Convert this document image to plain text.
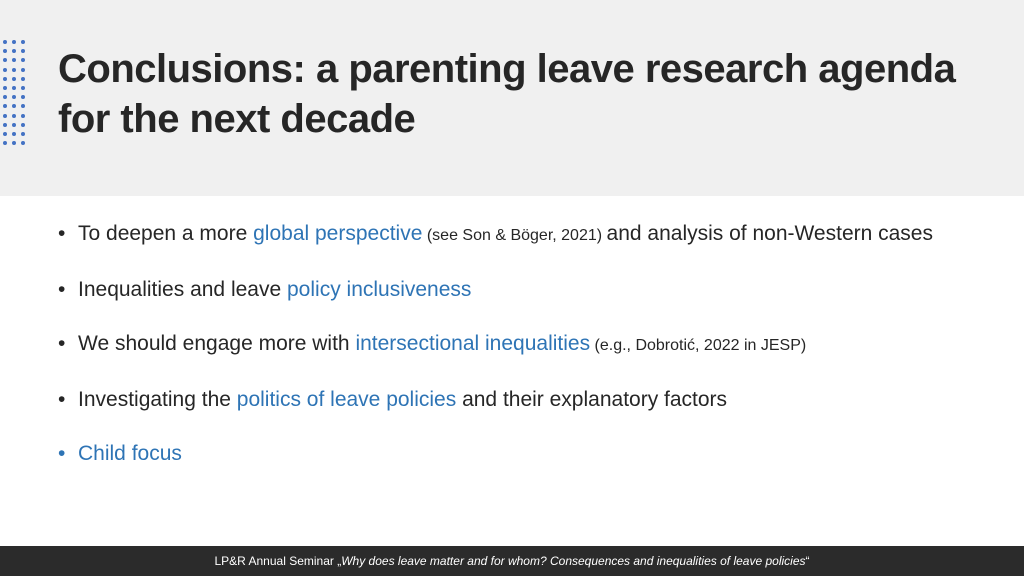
Conclusions: a parenting leave research agenda for the next decade
• To deepen a more global perspective (see Son & Böger, 2021) and analysis of non-Western cases
• Inequalities and leave policy inclusiveness
• We should engage more with intersectional inequalities (e.g., Dobrotić, 2022 in JESP)
• Investigating the politics of leave policies and their explanatory factors
• Child focus
LP&R Annual Seminar „Why does leave matter and for whom? Consequences and inequalities of leave policies“
